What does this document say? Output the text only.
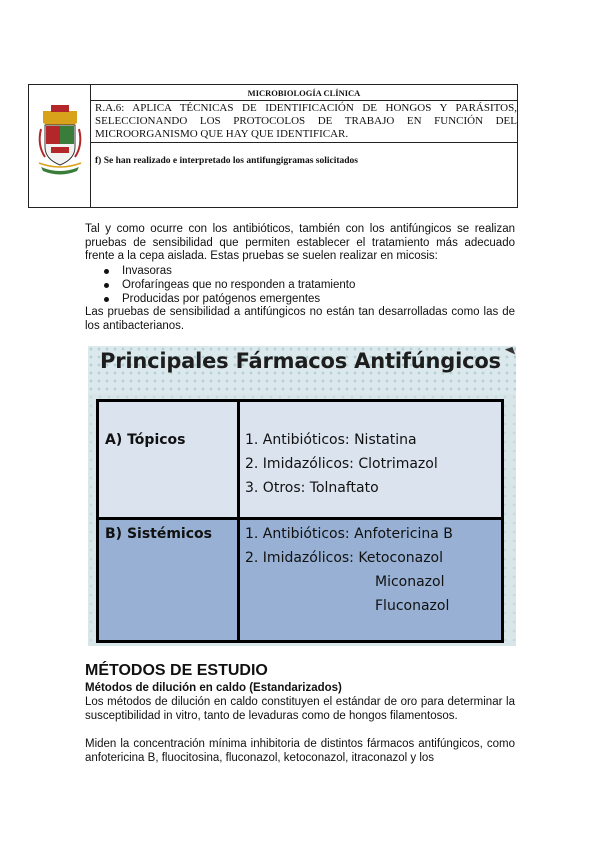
MICROBIOLOGÍA CLÍNICA
R.A.6: APLICA TÉCNICAS DE IDENTIFICACIÓN DE HONGOS Y PARÁSITOS,
SELECCIONANDO LOS PROTOCOLOS DE TRABAJO EN FUNCIÓN DEL
MICROORGANISMO QUE HAY QUE IDENTIFICAR.
f) Se han realizado e interpretado los antifungigramas solicitados
Tal y como ocurre con los antibióticos, también con los antifúngicos se realizan pruebas de sensibilidad que permiten establecer el tratamiento más adecuado frente a la cepa aislada. Estas pruebas se suelen realizar en micosis:
Invasoras
Orofaríngeas que no responden a tratamiento
Producidas por patógenos emergentes
Las pruebas de sensibilidad a antifúngicos no están tan desarrolladas como las de los antibacterianos.
Principales Fármacos Antifúngicos
A) Tópicos	1. Antibióticos: Nistatina
2. Imidazólicos: Clotrimazol
3. Otros: Tolnaftato
B) Sistémicos 1. Antibióticos: Anfotericina B
2. Imidazólicos: Ketoconazol
Miconazol
Fluconazol
MÉTODOS DE ESTUDIO
Métodos de dilución en caldo (Estandarizados)
Los métodos de dilución en caldo constituyen el estándar de oro para determinar la susceptibilidad in vitro, tanto de levaduras como de hongos filamentosos.
Miden la concentración mínima inhibitoria de distintos fármacos antifúngicos, como anfotericina B, fluocitosina, fluconazol, ketoconazol, itraconazol y los
